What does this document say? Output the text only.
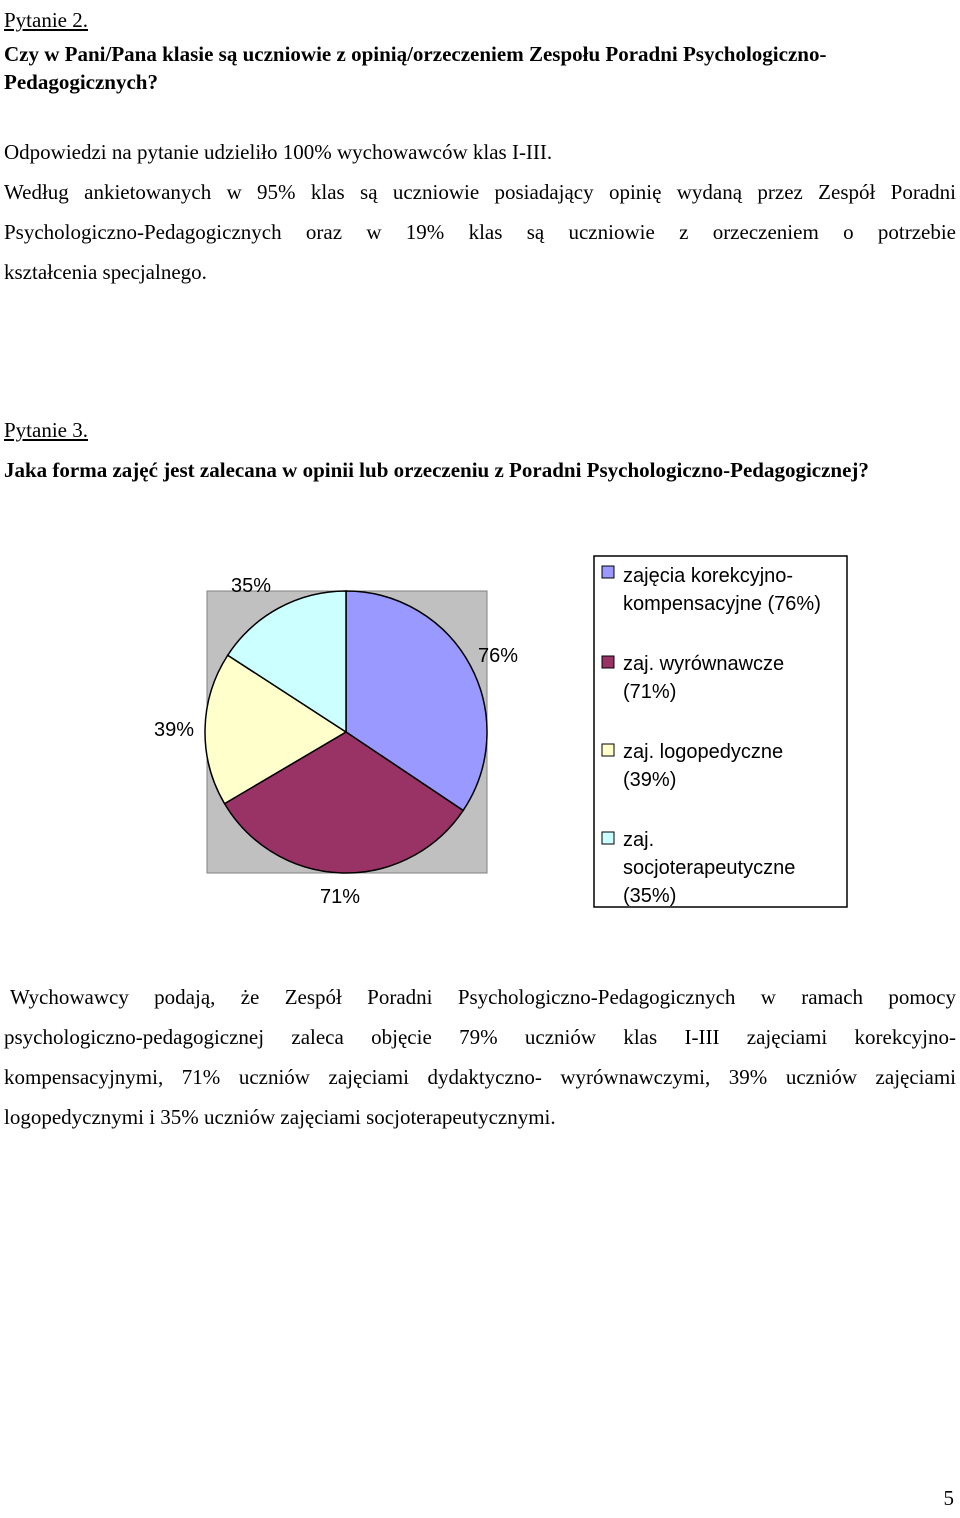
Pytanie 2.
Czy w Pani/Pana klasie są uczniowie z opinią/orzeczeniem Zespołu Poradni Psychologiczno-Pedagogicznych?
Odpowiedzi na pytanie udzieliło 100% wychowawców klas I-III.
Według ankietowanych w 95% klas są uczniowie posiadający opinię wydaną przez Zespół Poradni
Psychologiczno-Pedagogicznych oraz w 19% klas są uczniowie z orzeczeniem o potrzebie
kształcenia specjalnego.
Pytanie 3.
Jaka forma zajęć jest zalecana w opinii lub orzeczeniu z Poradni Psychologiczno-Pedagogicznej?
76%
71%
39%
35%	zajęcia korekcyjno-
kompensacyjne (76%)
zaj. wyrównawcze
(71%)
zaj. logopedyczne
(39%)
zaj.
socjoterapeutyczne
(35%)
Wychowawcy podają, że Zespół Poradni Psychologiczno-Pedagogicznych w ramach pomocy
psychologiczno-pedagogicznej zaleca objęcie 79% uczniów klas I-III zajęciami korekcyjno-
kompensacyjnymi, 71% uczniów zajęciami dydaktyczno- wyrównawczymi, 39% uczniów zajęciami
logopedycznymi i 35% uczniów zajęciami socjoterapeutycznymi.
5
